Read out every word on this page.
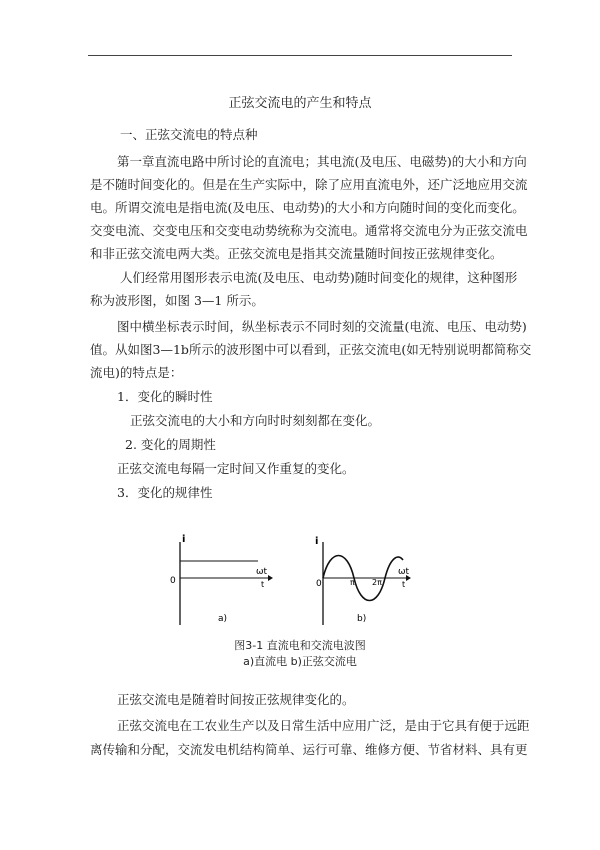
正弦交流电的产生和特点
一、正弦交流电的特点种
第一章直流电路中所讨论的直流电；其电流(及电压、电磁势)的大小和方向
是不随时间变化的。但是在生产实际中，除了应用直流电外，还广泛地应用交流
电。所谓交流电是指电流(及电压、电动势)的大小和方向随时间的变化而变化。
交变电流、交变电压和交变电动势统称为交流电。通常将交流电分为正弦交流电
和非正弦交流电两大类。正弦交流电是指其交流量随时间按正弦规律变化。
人们经常用图形表示电流(及电压、电动势)随时间变化的规律，这种图形
称为波形图，如图 3—1 所示。
图中横坐标表示时间，纵坐标表示不同时刻的交流量(电流、电压、电动势)
值。从如图3—1b所示的波形图中可以看到，正弦交流电(如无特别说明都简称交
流电)的特点是：
1．变化的瞬时性
正弦交流电的大小和方向时时刻刻都在变化。
2. 变化的周期性
正弦交流电每隔一定时间又作重复的变化。
3．变化的规律性
i
0
ωt
t
a)
i
0	π 2π
ωt
t
b)
图3-1 直流电和交流电波图
a)直流电 b)正弦交流电
正弦交流电是随着时间按正弦规律变化的。
正弦交流电在工农业生产以及日常生活中应用广泛，是由于它具有便于远距
离传输和分配，交流发电机结构简单、运行可靠、维修方便、节省材料、具有更
